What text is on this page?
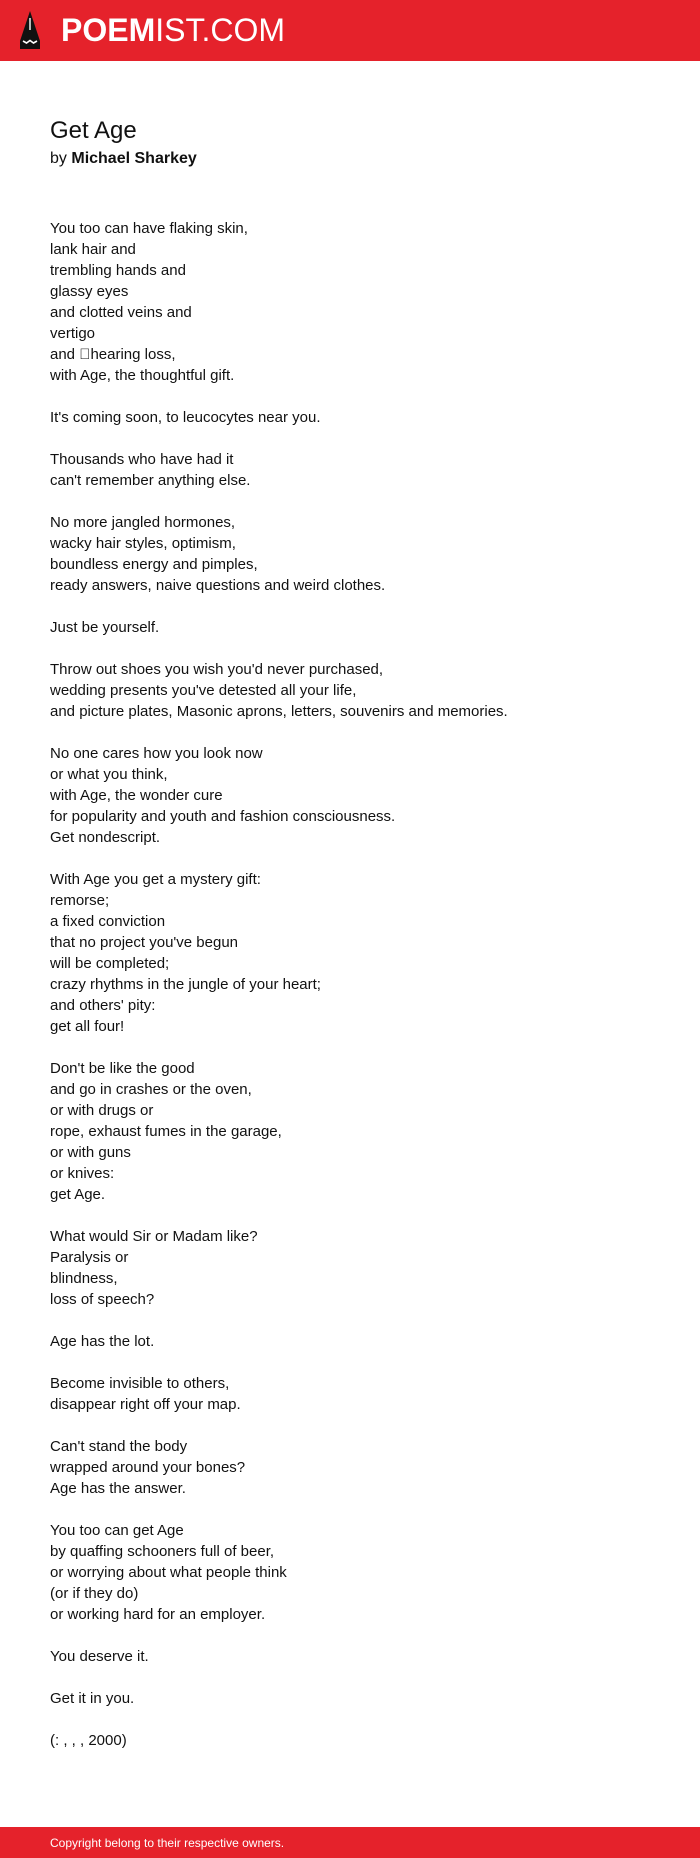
POEMIST.COM
Get Age
by Michael Sharkey
You too can have flaking skin,
lank hair and
trembling hands and
glassy eyes
and clotted veins and
vertigo
and  hearing loss,
with Age, the thoughtful gift.
It's coming soon, to leucocytes near you.
Thousands who have had it
can't remember anything else.
No more jangled hormones,
wacky hair styles, optimism,
boundless energy and pimples,
ready answers, naive questions and weird clothes.
Just be yourself.
Throw out shoes you wish you'd never purchased,
wedding presents you've detested all your life,
and picture plates, Masonic aprons, letters, souvenirs and memories.
No one cares how you look now
or what you think,
with Age, the wonder cure
for popularity and youth and fashion consciousness.
Get nondescript.
With Age you get a mystery gift:
remorse;
a fixed conviction
that no project you've begun
will be completed;
crazy rhythms in the jungle of your heart;
and others' pity:
get all four!
Don't be like the good
and go in crashes or the oven,
or with drugs or
rope, exhaust fumes in the garage,
or with guns
or knives:
get Age.
What would Sir or Madam like?
Paralysis or
blindness,
loss of speech?
Age has the lot.
Become invisible to others,
disappear right off your map.
Can't stand the body
wrapped around your bones?
Age has the answer.
You too can get Age
by quaffing schooners full of beer,
or worrying about what people think
(or if they do)
or working hard for an employer.
You deserve it.
Get it in you.
(: , , , 2000)
Copyright belong to their respective owners.
